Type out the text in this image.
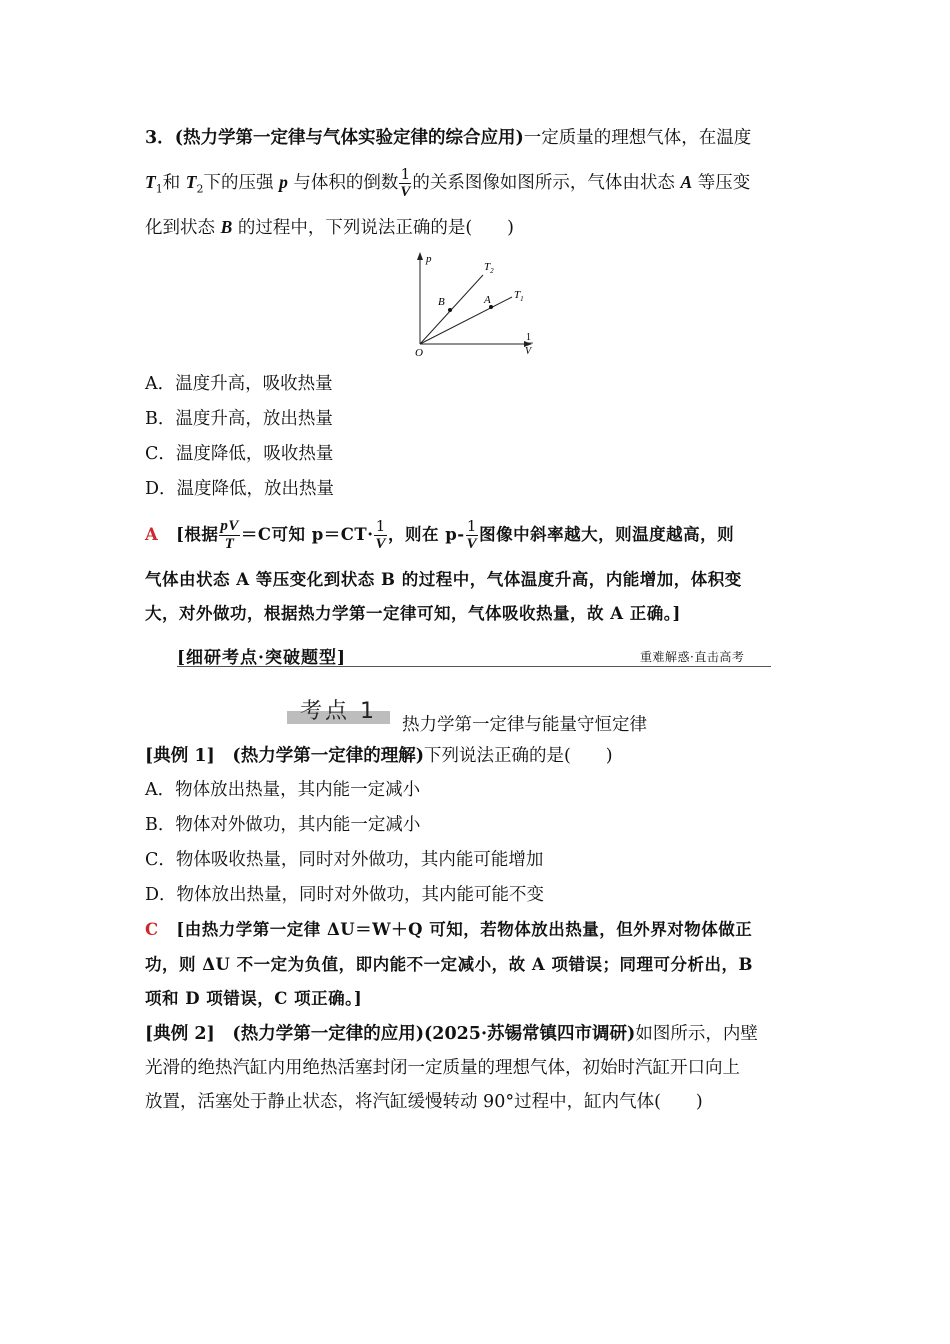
3．(热力学第一定律与气体实验定律的综合应用)一定质量的理想气体，在温度
$T_1$和 $T_2$下的压强 p 与体积的倒数 $\frac{1}{V}$ 的关系图像如图所示，气体由状态 A 等压变
化到状态 B 的过程中，下列说法正确的是(　　)
p
$T_2$
$T_1$
B	A
O
1
V
A．温度升高，吸收热量
B．温度升高，放出热量
C．温度降低，吸收热量
D．温度降低，放出热量
A [根据 $\frac{pV}{T} =C$可知 $p=CT\cdot \frac{1}{V}$ ，则在 $p- \frac{1}{V}$ 图像中斜率越大，则温度越高，则
气体由状态 A 等压变化到状态 B 的过程中，气体温度升高，内能增加，体积变
大，对外做功，根据热力学第一定律可知，气体吸收热量，故 A 正确。]
[细研考点·突破题型]	重难解惑·直击高考
考点 1
热力学第一定律与能量守恒定律
[典例 1] (热力学第一定律的理解)下列说法正确的是(　　)
A．物体放出热量，其内能一定减小
B．物体对外做功，其内能一定减小
C．物体吸收热量，同时对外做功，其内能可能增加
D．物体放出热量，同时对外做功，其内能可能不变
C [由热力学第一定律 ΔU＝W＋Q 可知，若物体放出热量，但外界对物体做正
功，则 ΔU 不一定为负值，即内能不一定减小，故 A 项错误；同理可分析出，B
项和 D 项错误，C 项正确。]
[典例 2] (热力学第一定律的应用)(2025·苏锡常镇四市调研)如图所示，内壁
光滑的绝热汽缸内用绝热活塞封闭一定质量的理想气体，初始时汽缸开口向上
放置，活塞处于静止状态，将汽缸缓慢转动 90°过程中，缸内气体(　　)
